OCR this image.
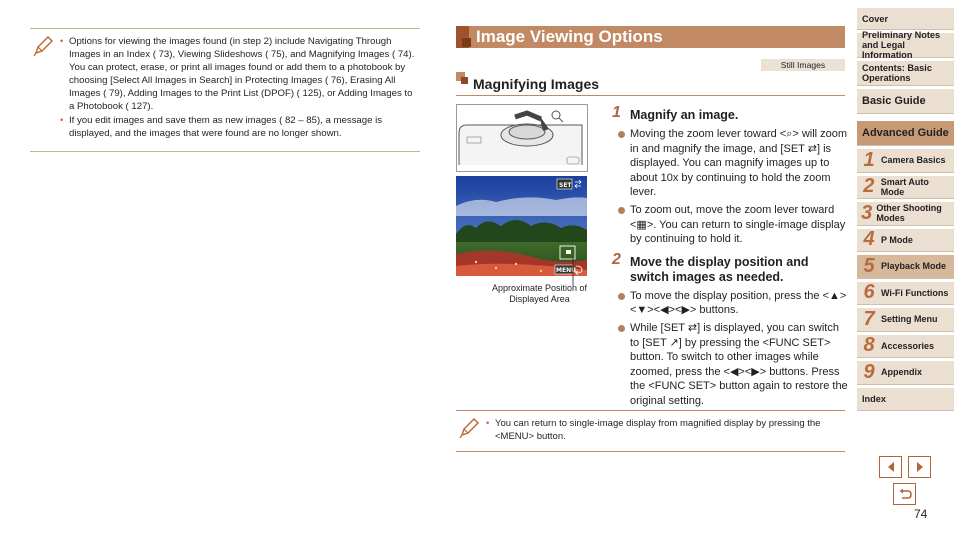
• Options for viewing the images found (in step 2) include Navigating Through Images in an Index ( 73), Viewing Slideshows ( 75), and Magnifying Images ( 74). You can protect, erase, or print all images found or add them to a photobook by choosing [Select All Images in Search] in Protecting Images ( 76), Erasing All Images ( 79), Adding Images to the Print List (DPOF) ( 125), or Adding Images to a Photobook ( 127).
• If you edit images and save them as new images ( 82 – 85), a message is displayed, and the images that were found are no longer shown.
Image Viewing Options
Still Images
Magnifying Images
SET
MENU
Approximate Position of Displayed Area
1 Magnify an image.
Moving the zoom lever toward <⌕> will zoom in and magnify the image, and [SET ⇄] is displayed. You can magnify images up to about 10x by continuing to hold the zoom lever.
To zoom out, move the zoom lever toward <▦>. You can return to single-image display by continuing to hold it.
2 Move the display position and switch images as needed.
To move the display position, press the <▲><▼><◀><▶> buttons.
While [SET ⇄] is displayed, you can switch to [SET ↗] by pressing the <FUNC SET> button. To switch to other images while zoomed, press the <◀><▶> buttons. Press the <FUNC SET> button again to restore the original setting.
• You can return to single-image display from magnified display by pressing the <MENU> button.
Cover
Preliminary Notes and Legal Information
Contents: Basic Operations
Basic Guide
Advanced Guide
1 Camera Basics
2 Smart Auto Mode
3 Other Shooting Modes
4 P Mode
5 Playback Mode
6 Wi-Fi Functions
7 Setting Menu
8 Accessories
9 Appendix
Index
74
